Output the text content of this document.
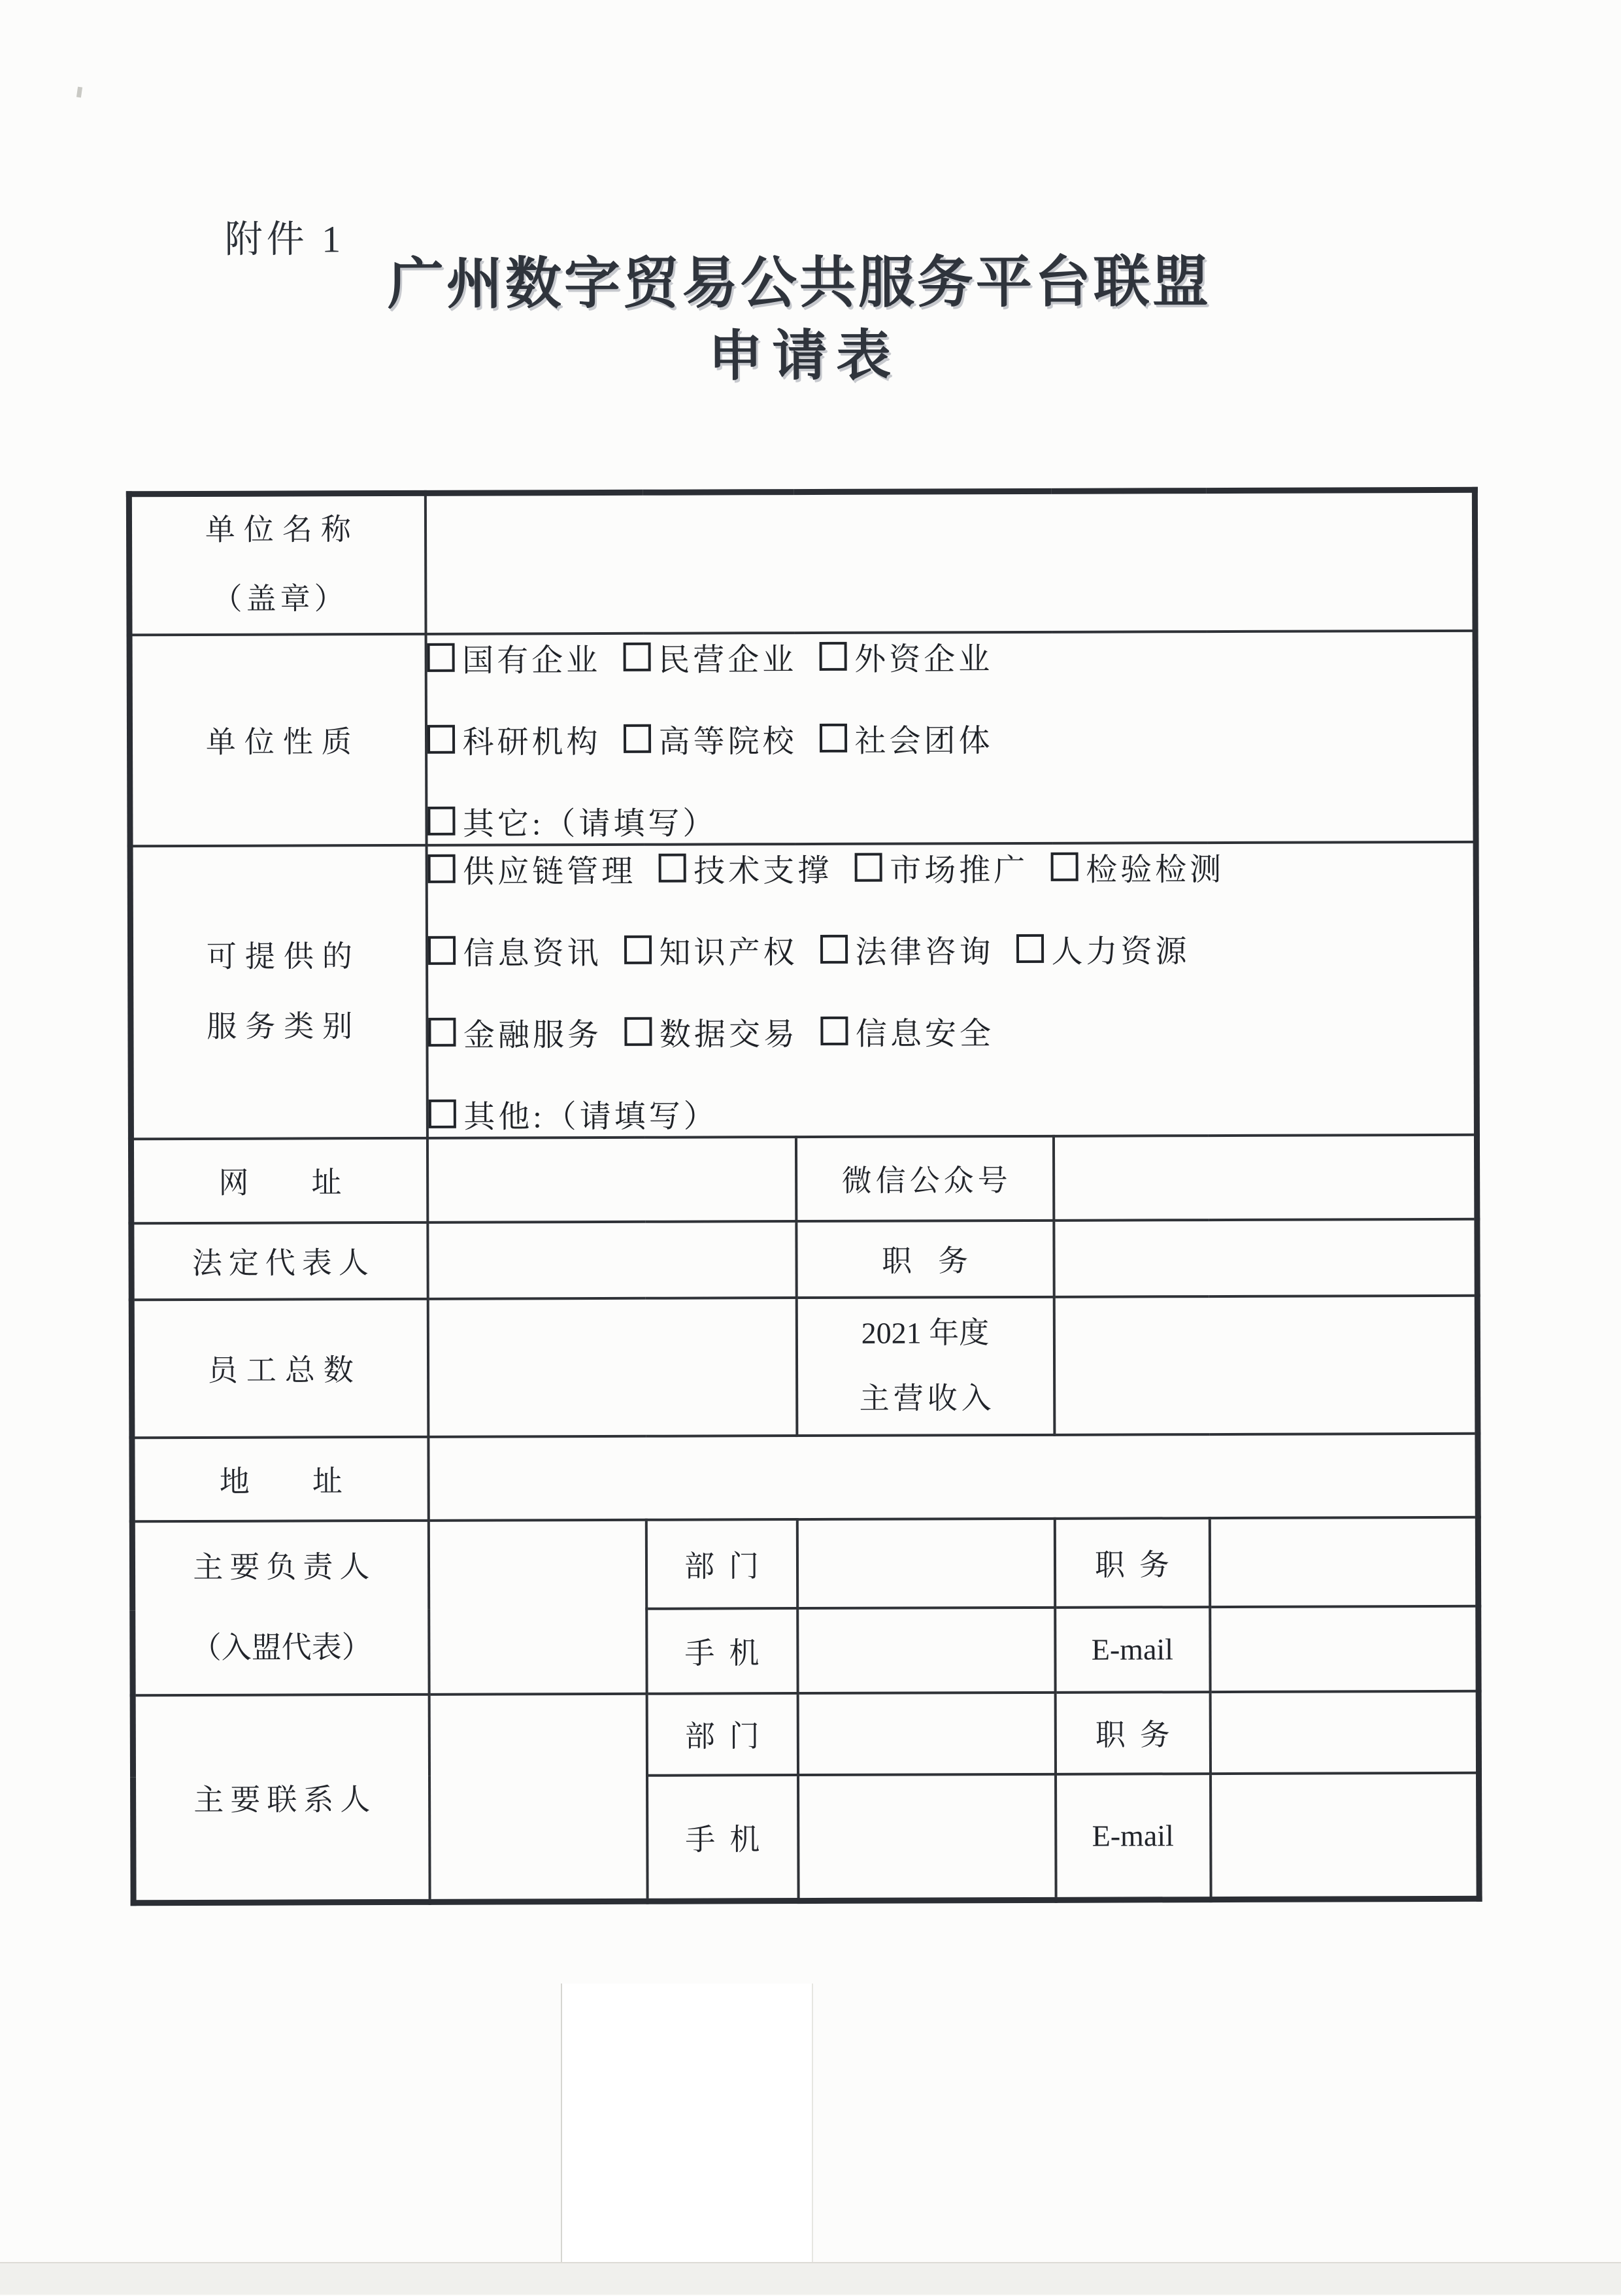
附件 1
广州数字贸易公共服务平台联盟
申请表
单位名称
（盖章）					

单位性质	
国有企业 民营企业 外资企业
科研机构 高等院校 社会团体
其它:（请填写）

可提供的
服务类别

供应链管理 技术支撑 市场推广 检验检测
信息资讯 知识产权 法律咨询 人力资源
金融服务 数据交易 信息安全
其他:（请填写）

网址			微信公众号		
法定代表人			职务		
员工总数			2021 年度
主营收入		

地址					

主要负责人
（入盟代表）		部门		职务	
		手机		E-mail	
主要联系人		部门		职务	
		手机		E-mail	
